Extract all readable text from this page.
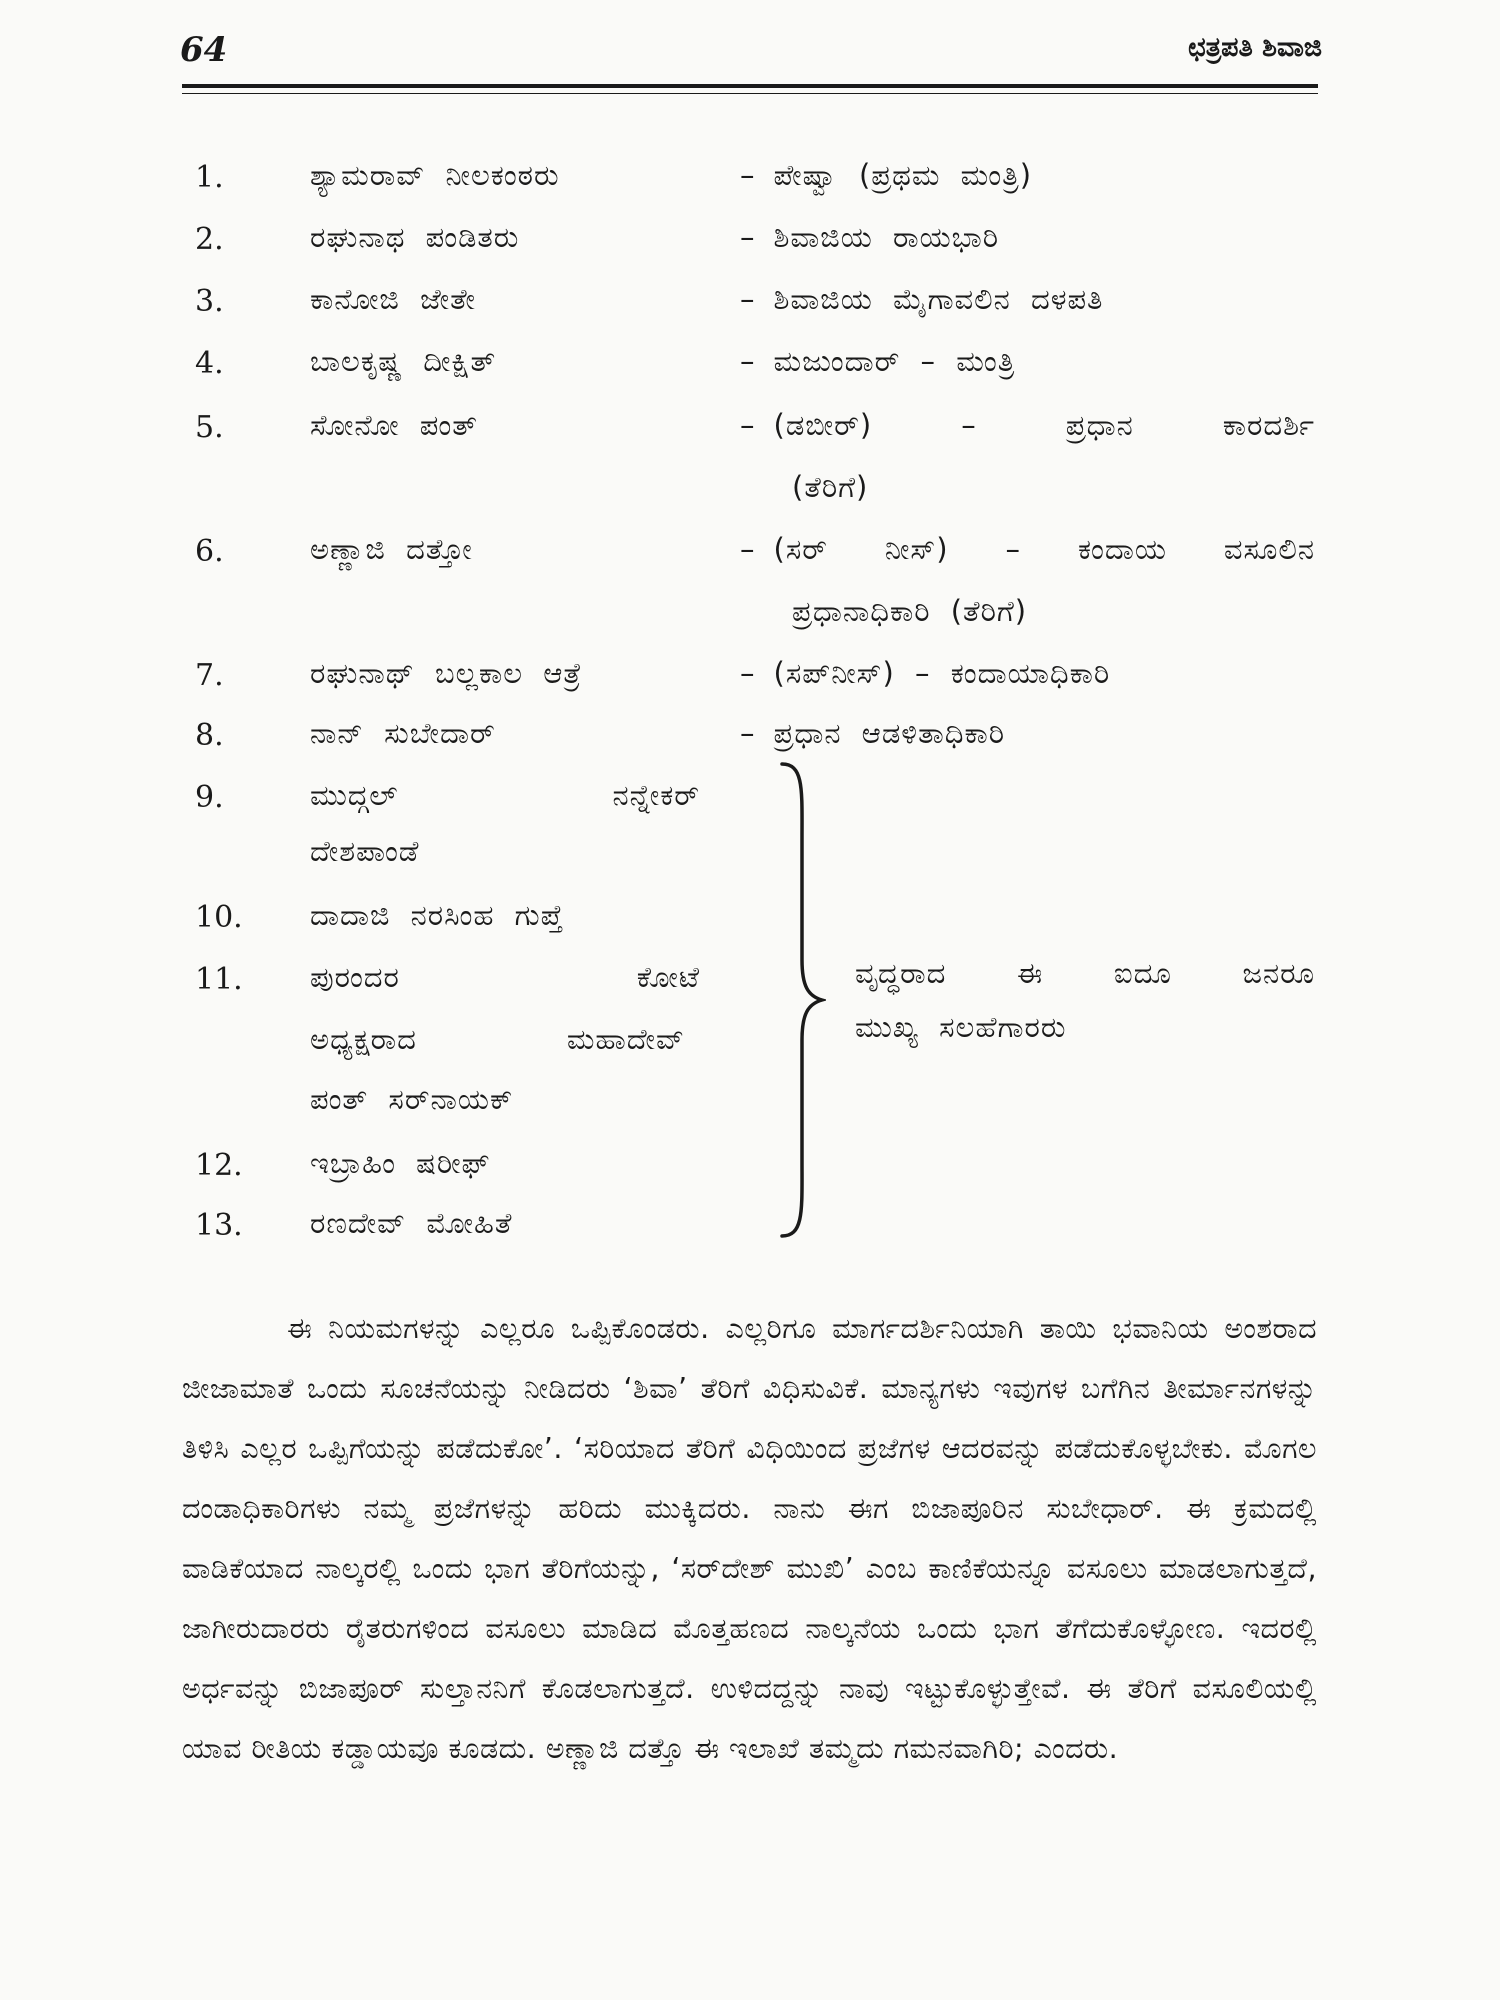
64	ಛತ್ರಪತಿ ಶಿವಾಜಿ
1.	ಶ್ಯಾಮರಾವ್ ನೀಲಕಂಠರು	– ಪೇಷ್ವಾ (ಪ್ರಥಮ ಮಂತ್ರಿ)
2.	ರಘುನಾಥ ಪಂಡಿತರು	– ಶಿವಾಜಿಯ ರಾಯಭಾರಿ
3.	ಕಾನೋಜಿ ಜೇತೇ	– ಶಿವಾಜಿಯ ಮೈಗಾವಲಿನ ದಳಪತಿ
4.	ಬಾಲಕೃಷ್ಣ ದೀಕ್ಷಿತ್	– ಮಜುಂದಾರ್ – ಮಂತ್ರಿ
5.	ಸೋನೋ ಪಂತ್	– (ಡಬೀರ್) – ಪ್ರಧಾನ ಕಾರದರ್ಶಿ
(ತೆರಿಗೆ)
6.	ಅಣ್ಣಾಜಿ ದತ್ತೋ	– (ಸರ್ ನೀಸ್) – ಕಂದಾಯ ವಸೂಲಿನ
ಪ್ರಧಾನಾಧಿಕಾರಿ (ತೆರಿಗೆ)
7.	ರಘುನಾಥ್ ಬಲ್ಲಕಾಲ ಆತ್ರೆ	– (ಸಪ್‌ನೀಸ್) – ಕಂದಾಯಾಧಿಕಾರಿ
8.	ನಾನ್ ಸುಬೇದಾರ್	– ಪ್ರಧಾನ ಆಡಳಿತಾಧಿಕಾರಿ
9.	ಮುದ್ಗಲ್ ನನ್ನೇಕರ್
ದೇಶಪಾಂಡೆ
10. ದಾದಾಜಿ ನರಸಿಂಹ ಗುಪ್ತೆ
11. ಪುರಂದರ ಕೋಟೆ
ಅಧ್ಯಕ್ಷರಾದ ಮಹಾದೇವ್
ಪಂತ್ ಸರ್‌ನಾಯಕ್
12. ಇಬ್ರಾಹಿಂ ಷರೀಫ್
13. ರಣದೇವ್ ಮೋಹಿತೆ
ವೃದ್ಧರಾದ ಈ ಐದೂ ಜನರೂ
ಮುಖ್ಯ ಸಲಹೆಗಾರರು

ಈ ನಿಯಮಗಳನ್ನು ಎಲ್ಲರೂ ಒಪ್ಪಿಕೊಂಡರು. ಎಲ್ಲರಿಗೂ ಮಾರ್ಗದರ್ಶಿನಿಯಾಗಿ ತಾಯಿ ಭವಾನಿಯ ಅಂಶರಾದ ಜೀಜಾಮಾತೆ ಒಂದು ಸೂಚನೆಯನ್ನು ನೀಡಿದರು ‘ಶಿವಾ’ ತೆರಿಗೆ ವಿಧಿಸುವಿಕೆ. ಮಾನ್ಯಗಳು ಇವುಗಳ ಬಗೆಗಿನ ತೀರ್ಮಾನಗಳನ್ನು ತಿಳಿಸಿ ಎಲ್ಲರ ಒಪ್ಪಿಗೆಯನ್ನು ಪಡೆದುಕೋ’. ‘ಸರಿಯಾದ ತೆರಿಗೆ ವಿಧಿಯಿಂದ ಪ್ರಜೆಗಳ ಆದರವನ್ನು ಪಡೆದುಕೊಳ್ಳಬೇಕು. ಮೊಗಲ ದಂಡಾಧಿಕಾರಿಗಳು ನಮ್ಮ ಪ್ರಜೆಗಳನ್ನು ಹರಿದು ಮುಕ್ಕಿದರು. ನಾನು ಈಗ ಬಿಜಾಪೂರಿನ ಸುಬೇಧಾರ್. ಈ ಕ್ರಮದಲ್ಲಿ ವಾಡಿಕೆಯಾದ ನಾಲ್ಕರಲ್ಲಿ ಒಂದು ಭಾಗ ತೆರಿಗೆಯನ್ನು, ‘ಸರ್‌ದೇಶ್ ಮುಖಿ’ ಎಂಬ ಕಾಣಿಕೆಯನ್ನೂ ವಸೂಲು ಮಾಡಲಾಗುತ್ತದೆ, ಜಾಗೀರುದಾರರು ರೈತರುಗಳಿಂದ ವಸೂಲು ಮಾಡಿದ ಮೊತ್ತಹಣದ ನಾಲ್ಕನೆಯ ಒಂದು ಭಾಗ ತೆಗೆದುಕೊಳ್ಳೋಣ. ಇದರಲ್ಲಿ ಅರ್ಧವನ್ನು ಬಿಜಾಪೂರ್ ಸುಲ್ತಾನನಿಗೆ ಕೊಡಲಾಗುತ್ತದೆ. ಉಳಿದದ್ದನ್ನು ನಾವು ಇಟ್ಟುಕೊಳ್ಳುತ್ತೇವೆ. ಈ ತೆರಿಗೆ ವಸೂಲಿಯಲ್ಲಿ ಯಾವ ರೀತಿಯ ಕಡ್ಡಾಯವೂ ಕೂಡದು. ಅಣ್ಣಾಜಿ ದತ್ತೊ ಈ ಇಲಾಖೆ ತಮ್ಮದು ಗಮನವಾಗಿರಿ; ಎಂದರು.
